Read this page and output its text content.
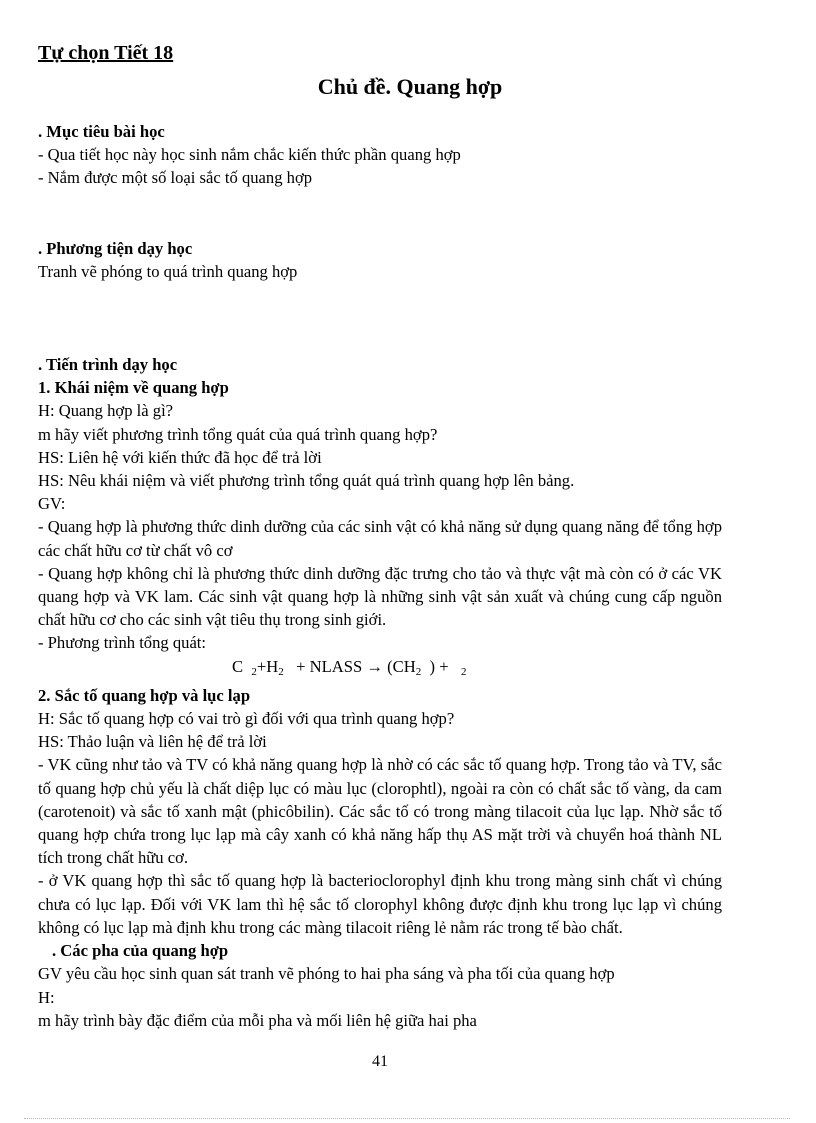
Tự chọn Tiết 18
Chủ đề. Quang hợp
. Mục tiêu bài học

- Qua tiết học này học sinh nắm chắc kiến thức phần quang hợp

- Nắm được một số loại sắc tố quang hợp

. Phương tiện dạy học

Tranh vẽ phóng to quá trình quang hợp

. Tiến trình dạy học
1. Khái niệm về quang hợp

H: Quang hợp là gì?

m hãy viết phương trình tổng quát của quá trình quang hợp?

HS: Liên hệ với kiến thức đã học để trả lời

HS: Nêu khái niệm và viết phương trình tổng quát quá trình quang hợp lên bảng.

GV:

- Quang hợp là phương thức dinh dưỡng của các sinh vật có khả năng sử dụng quang năng để tổng hợp các chất hữu cơ từ chất vô cơ

- Quang hợp không chỉ là phương thức dinh dưỡng đặc trưng cho tảo và thực vật mà còn có ở các VK quang hợp và VK lam. Các sinh vật quang hợp là những sinh vật sản xuất và chúng cung cấp nguồn chất hữu cơ cho các sinh vật tiêu thụ trong sinh giới.

- Phương trình tổng quát:

C $_2+H_2$ + NLASS → ($CH_2$ ) + $_2$
2. Sắc tố quang hợp và lục lạp

H: Sắc tố quang hợp có vai trò gì đối với qua trình quang hợp?

HS: Thảo luận và liên hệ để trả lời

- VK cũng như tảo và TV có khả năng quang hợp là nhờ có các sắc tố quang hợp. Trong tảo và TV, sắc tố quang hợp chủ yếu là chất diệp lục có màu lục (clorophtl), ngoài ra còn có chất sắc tố vàng, da cam (carotenoit) và sắc tố xanh mật (phicôbilin). Các sắc tố có trong màng tilacoit của lục lạp. Nhờ sắc tố quang hợp chứa trong lục lạp mà cây xanh có khả năng hấp thụ AS mặt trời và chuyển hoá thành NL tích trong chất hữu cơ.

- ở VK quang hợp thì sắc tố quang hợp là bacterioclorophyl định khu trong màng sinh chất vì chúng chưa có lục lạp. Đối với VK lam thì hệ sắc tố clorophyl không được định khu trong lục lạp vì chúng không có lục lạp mà định khu trong các màng tilacoit riêng lẻ nằm rác trong tế bào chất.

. Các pha của quang hợp

GV yêu cầu học sinh quan sát tranh vẽ phóng to hai pha sáng và pha tối của quang hợp

H:

m hãy trình bày đặc điểm của mỗi pha và mối liên hệ giữa hai pha

41
